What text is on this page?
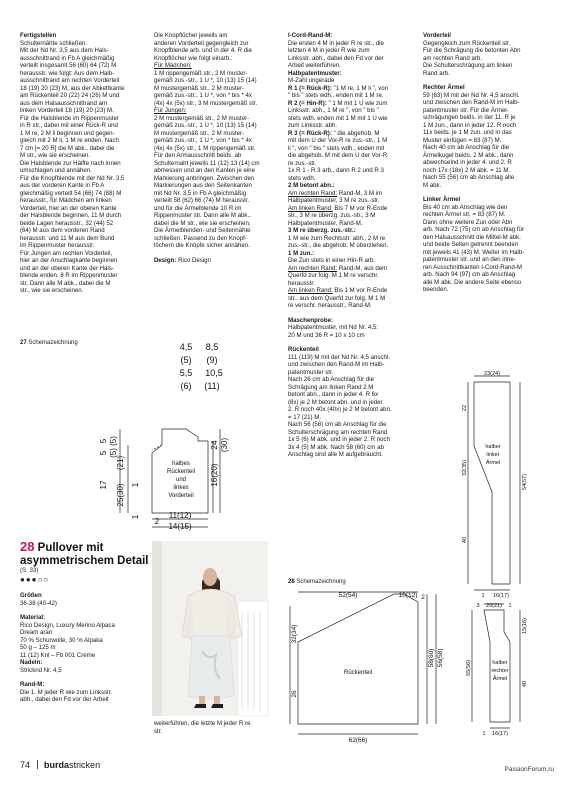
Fertigstellen

Schulternähte schließen.

Mit der Nd Nr. 3,5 aus dem Hals-

ausschnittrand in Fb A gleichmäßig

verteilt insgesamt 56 (60) 64 (72) M

herausstr. wie folgt: Aus dem Halb-

ausschnittrand am rechten Vorderteil

18 (19) 20 (23) M, aus der Abkettkante

am Rückenteil 20 (22) 24 (26) M und

aus dem Halsausschnittrand am

linken Vorderteil 18 (19) 20 (23) M.

Für die Halsblende im Rippenmuster

in R str., dabei mit einer Rück-R und

1 M re, 2 M li beginnen und gegen-

gleich mit 2 M li, 1 M re enden. Nach

7 cm [= 20 R] die M abk., dabei die

M str., wie sie erscheinen.

Die Halsblende zur Hälfte nach innen

umschlagen und annähen.

Für die Knopfblende mit der Nd Nr. 3,5

aus der vorderen Kante in Fb A

gleichmäßig verteilt 54 (66) 74 (88) M

herausstr., für Mädchen am linken

Vorderteil, hier an der oberen Kante

der Halsblende beginnen, 11 M durch

beide Lagen herausstr., 32 (44) 52

(64) M aus dem vorderen Rand

herausstr. und 11 M aus dem Bund

im Rippenmuster herausstr.

Für Jungen am rechten Vorderteil,

hier an der Anschlagkante beginnen

und an der oberen Kante der Hals-

blende enden. 8 R im Rippenmuster

str. Dann alle M abk., dabei die M

str., wie sie erscheinen.

Die Knopflöcher jeweils am

anderen Vorderteil gegengleich zur

Knopfblende arb. und in der 4. R die

Knopflöcher wie folgt einarb.:

Für Mädchen:

1 M rippengemäß str., 2 M muster-

gemäß zus.-str., 1 U *, 10 (13) 15 (14)

M mustergemäß str., 2 M muster-

gemäß zus.-str., 1 U *, von * bis * 4x

(4x) 4x (5x) str., 3 M mustergemäß str.

Für Jungen:

2 M mustergemäß str., 2 M muster-

gemäß zus.-str., 1 U *, 10 (13) 15 (14)

M mustergemäß str., 2 M muster-

gemäß zus.-str., 1 U *, von * bis * 4x

(4x) 4x (5x) str., 1 M rippengemäß str.

Für den Armausschnitt beids. ab

Schulternaht jeweils 11 (12) 13 (14) cm

abmessen und an den Kanten je eine

Markierung anbringen. Zwischen den

Markierungen aus den Seitenkanten

mit Nd Nr. 3,5 in Fb A gleichmäßig

verteilt 58 (62) 66 (74) M herausstr.

und für die Ärmelblende 10 R im

Rippenmuster str. Dann alle M abk.,

dabei die M str., wie sie erscheinen.

Die Ärmelblenden- und Seitennähte

schließen. Passend zu den Knopf-

löchern die Knöpfe sicher annähen.

Design: Rico Design

I-Cord-Rand-M:

Die ersten 4 M in jeder R re str., die

letzten 4 M in jeder R wie zum

Linksstr. abh., dabei den Fd vor der

Arbeit weiterführen.

Halbpatentmuster:

M-Zahl ungerade

R 1 (= Rück-R): "1 M re, 1 M li ", von

" bis " stets wdh., enden mit 1 M re.

R 2 (= Hin-R): " 1 M mit 1 U wie zum

Linksstr. abh., 1 M re ", von " bis "

stets wdh. enden mit 1 M mit 1 U wie

zum Linksstr. abh.

R 3 (= Rück-R): " die abgehob. M

mit dem U der Vor-R re zus.-str., 1 M

li ", von " bis " stets wdh., enden mit

die abgehob. M mit dem U der Vor-R

re zus.-str.

1x R 1 - R 3 arb., dann R 2 und R 3

stets wdh.

2 M betont abn.:

Am rechten Rand: Rand-M, 3 M im

Halbpatentmuster, 3 M re zus.-str.

Am linken Rand: Bis 7 M vor R-Ende

str., 3 M re überzg. zus.-str., 3 M

Halbpatentmuster, Rand-M.

3 M re überzg. zus.-str.:

1 M wie zum Rechtsstr. abh., 2 M re

zus.-str., die abgehob. M überziehen.

1 M zun.:

Die Zun stets in einer Hin-R arb.

Am rechten Rand: Rand-M, aus dem

Querfd zur folg. M 1 M re verschr.

herausstr.

Am linken Rand: Bis 1 M vor R-Ende

str., aus dem Querfd zur folg. M 1 M

re verschr. herausstr., Rand-M.

Maschenprobe:

Halbpatentmuster, mit Nd Nr. 4,5:

20 M und 36 R = 10 x 10 cm

Rückenteil

111 (119) M mit der Nd Nr. 4,5 anschl.

und zwischen den Rand-M im Halb-

patentmuster str.

Nach 26 cm ab Anschlag für die

Schrägung am linken Rand 2 M

betont abn., dann in jeder 4. R 6x

(8x) je 2 M betont abn. und in jeder

2. R noch 40x (40x) je 2 M betont abn.

= 17 (21) M.

Nach 56 (58) cm ab Anschlag für die

Schulterschrägung am rechten Rand

1x 5 (6) M abk. und in jeder 2. R noch

3x 4 (5) M abk. Nach 58 (60) cm ab

Anschlag sind alle M aufgebraucht.

Vorderteil

Gegengleich zum Rückenteil str.

Für die Schrägung die betonten Abn

am rechten Rand arb.

Die Schulterschrägung am linken

Rand arb.

Rechter Ärmel

59 (63) M mit der Nd Nr. 4,5 anschl.

und zwischen den Rand-M im Halb-

patentmuster str. Für die Ärmel-

schrägungen beids. in der 11. R je

1 M zun., dann in jeder 12. R noch

11x beids. je 1 M zun. und in das

Muster einfügen = 83 (87) M.

Nach 40 cm ab Anschlag für die

Ärmelkugel beids. 2 M abk., dann

abwechselnd in jeder 4. und 2. R

noch 17x (18x) 2 M abk. = 11 M.

Nach 55 (56) cm ab Anschlag alle

M abk.

Linker Ärmel

Bis 40 cm ab Anschlag wie den

rechten Ärmel str. = 83 (87) M.

Dann ohne weitere Zun oder Abn

arb. Nach 72 (75) cm ab Anschlag für

den Halsausschnitt die Mittel-M abk.

und beide Seiten getrennt beenden

mit jeweils 41 (43) M. Weiter im Halb-

patentmuster str. und an den inne-

ren Ausschnittkanten I-Cord-Rand-M

arb. Nach 94 (97) cm ab Anschlag

alle M abk. Die andere Seite ebenso

beenden.

27 Schemazeichnung	4,5 8,5
(5) (9)
5,5 10,5
(6) (11)
5 (5)
5 (5)
17
(21)
25(30) 1
1
16(20)
24 (30)
2
11(12)
14(15)
halbes
Rückenteil
und
linkes
Vorderteil
28 Pullover mit
asymmetrischem Detail
(S. 33)
●●●○○

Größen

36-38 (40-42)

Material:

Rico Design, Luxury Merino Alpaca

Dream aran

70 % Schurwolle, 30 % Alpaka

50 g – 125 m

11 (12) Knl – Fb 001 Creme

Nadeln:

Stricknd Nr. 4,5

Rand-M:

Die 1. M jeder R wie zum Linksstr.

abh., dabei den Fd vor der Arbeit

weiterführen, die letzte M jeder R re

str.

28 Schemazeichnung
52(54)	10(12)
32(34)
26
62(66)
58(60) 56(58)
2
Rückenteil
23(24)
22
32(35)
40
54(57)
16(17)
1
halber
linker
Ärmel
3 20(21) 1
15(16)
55(56)
40
16(17)
1
halber
rechter
Ärmel
74 burdastricken	PassionForum.ru
